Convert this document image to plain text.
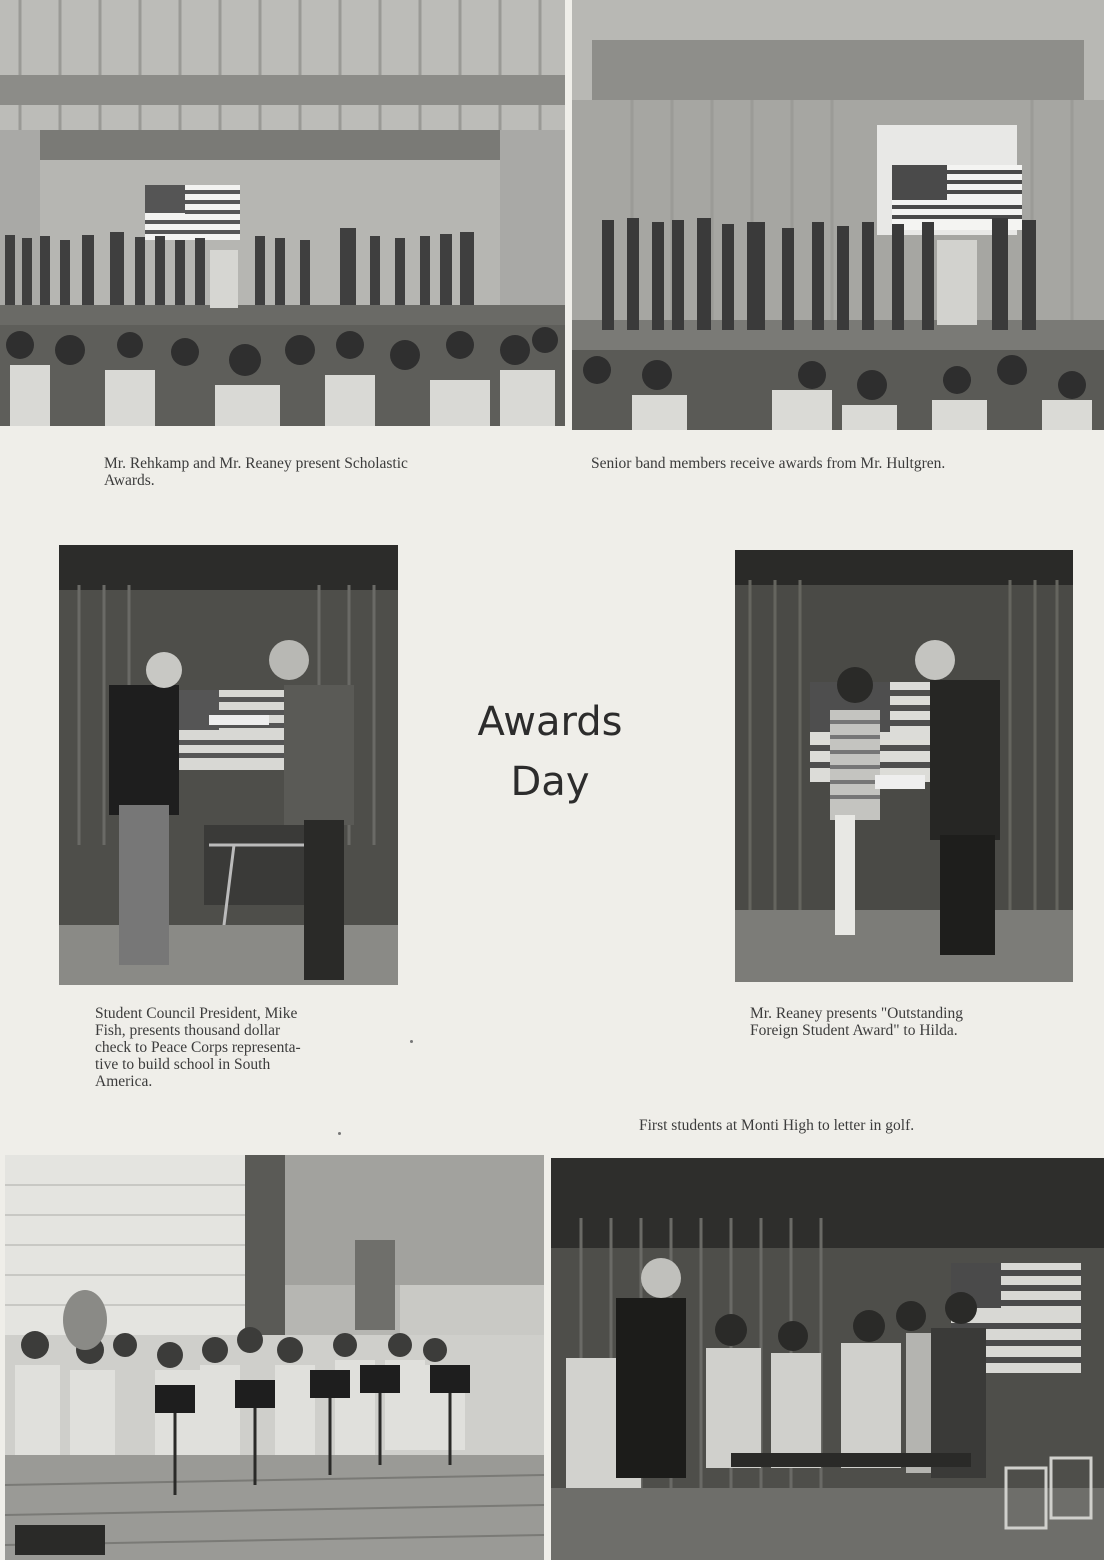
Mr. Rehkamp and Mr. Reaney present Scholastic
Awards.
Senior band members receive awards from Mr. Hultgren.
Awards
Day
Student Council President, Mike
Fish, presents thousand dollar
check to Peace Corps representa-
tive to build school in South
America.
Mr. Reaney presents "Outstanding
Foreign Student Award" to Hilda.
First students at Monti High to letter in golf.
